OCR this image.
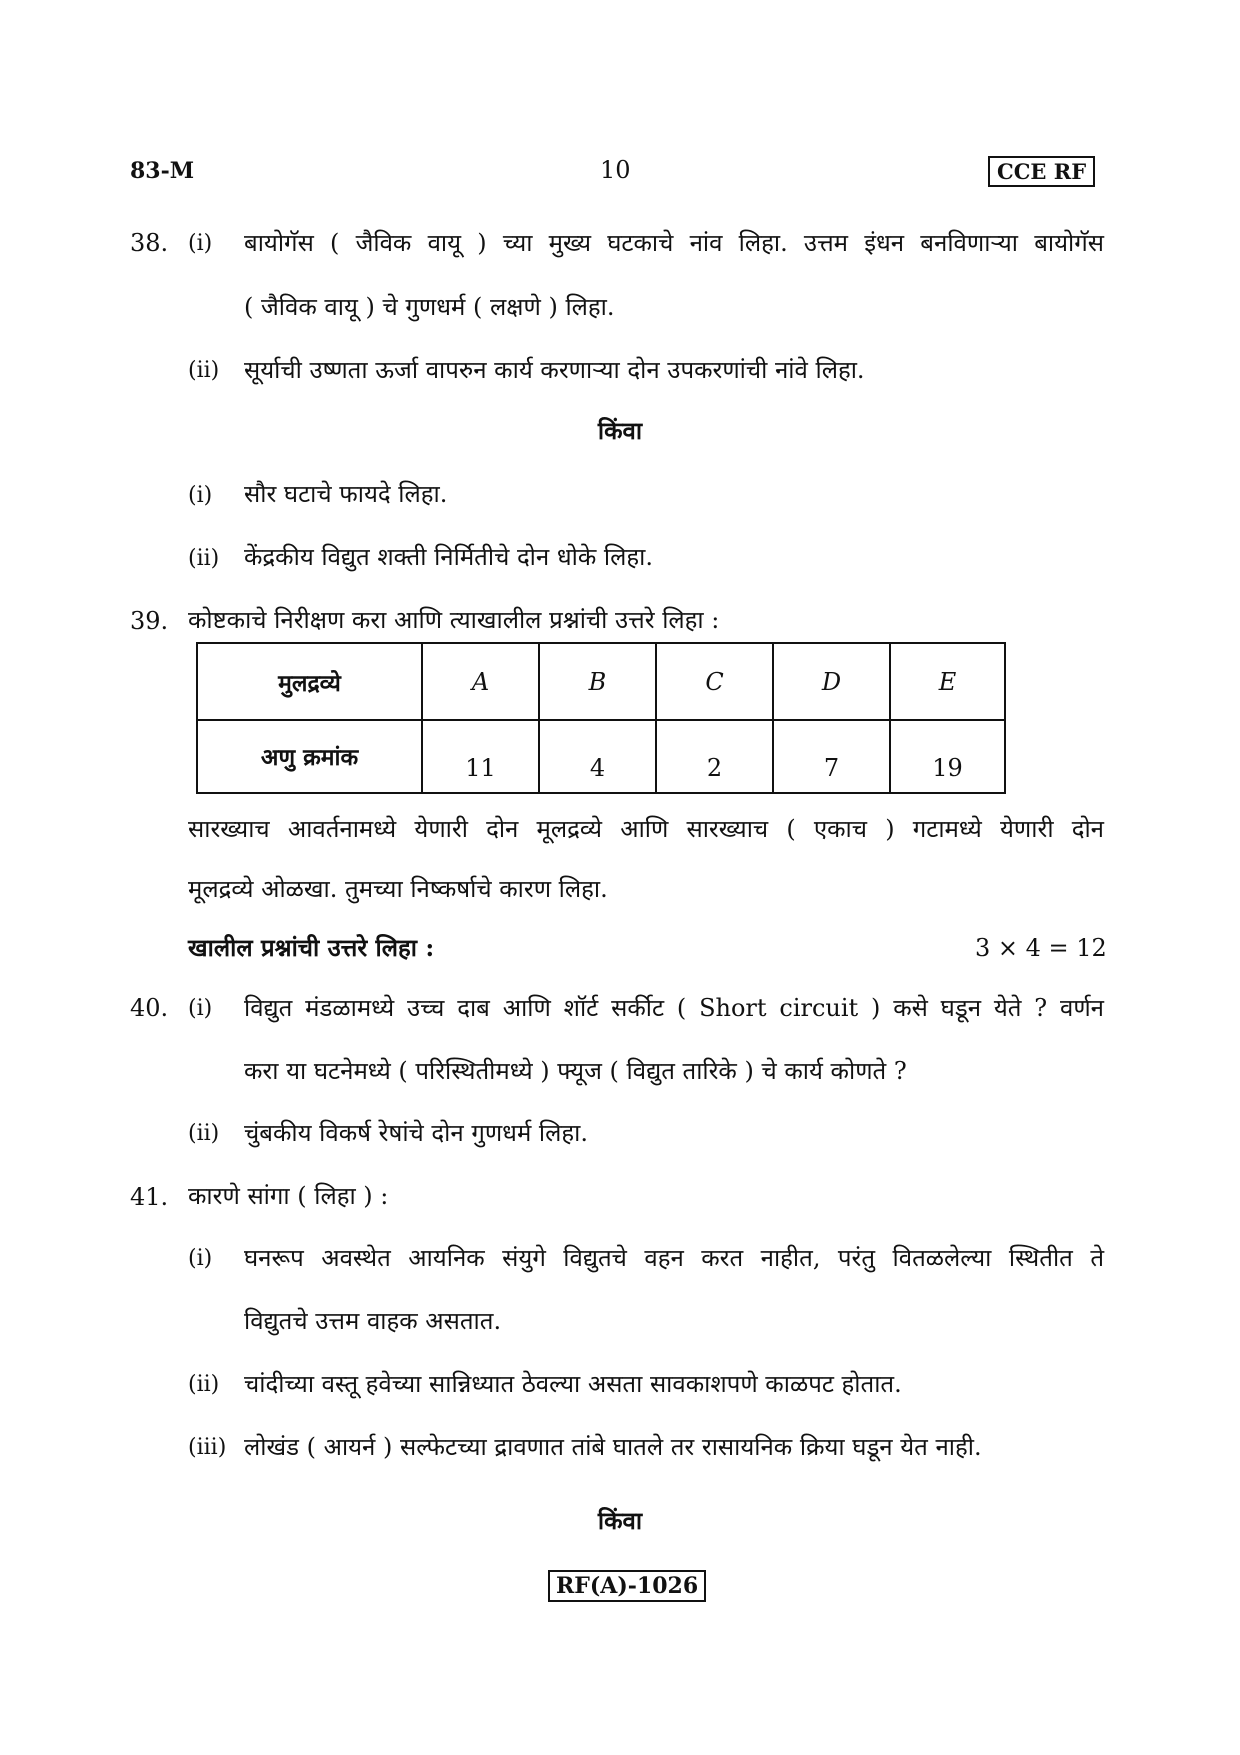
83-M	10	CCE RF
38. (i) बायोगॅस ( जैविक वायू ) च्या मुख्य घटकाचे नांव लिहा. उत्तम इंधन बनविणाऱ्या बायोगॅस
( जैविक वायू ) चे गुणधर्म ( लक्षणे ) लिहा.
(ii) सूर्याची उष्णता ऊर्जा वापरुन कार्य करणाऱ्या दोन उपकरणांची नांवे लिहा.
किंवा
(i) सौर घटाचे फायदे लिहा.
(ii) केंद्रकीय विद्युत शक्ती निर्मितीचे दोन धोके लिहा.
39. कोष्टकाचे निरीक्षण करा आणि त्याखालील प्रश्नांची उत्तरे लिहा :
मुलद्रव्ये	A	B	C	D	E
अणु क्रमांक	11	4	2	7	19
सारख्याच आवर्तनामध्ये येणारी दोन मूलद्रव्ये आणि सारख्याच ( एकाच ) गटामध्ये येणारी दोन
मूलद्रव्ये ओळखा. तुमच्या निष्कर्षाचे कारण लिहा.
खालील प्रश्नांची उत्तरे लिहा :	3 × 4 = 12
40. (i) विद्युत मंडळामध्ये उच्च दाब आणि शॉर्ट सर्कीट ( Short circuit ) कसे घडून येते ? वर्णन
करा या घटनेमध्ये ( परिस्थितीमध्ये ) फ्यूज ( विद्युत तारिके ) चे कार्य कोणते ?
(ii) चुंबकीय विकर्ष रेषांचे दोन गुणधर्म लिहा.
41. कारणे सांगा ( लिहा ) :
(i) घनरूप अवस्थेत आयनिक संयुगे विद्युतचे वहन करत नाहीत, परंतु वितळलेल्या स्थितीत ते
विद्युतचे उत्तम वाहक असतात.
(ii) चांदीच्या वस्तू हवेच्या सान्निध्यात ठेवल्या असता सावकाशपणे काळपट होतात.
(iii) लोखंड ( आयर्न ) सल्फेटच्या द्रावणात तांबे घातले तर रासायनिक क्रिया घडून येत नाही.
किंवा
RF(A)-1026
